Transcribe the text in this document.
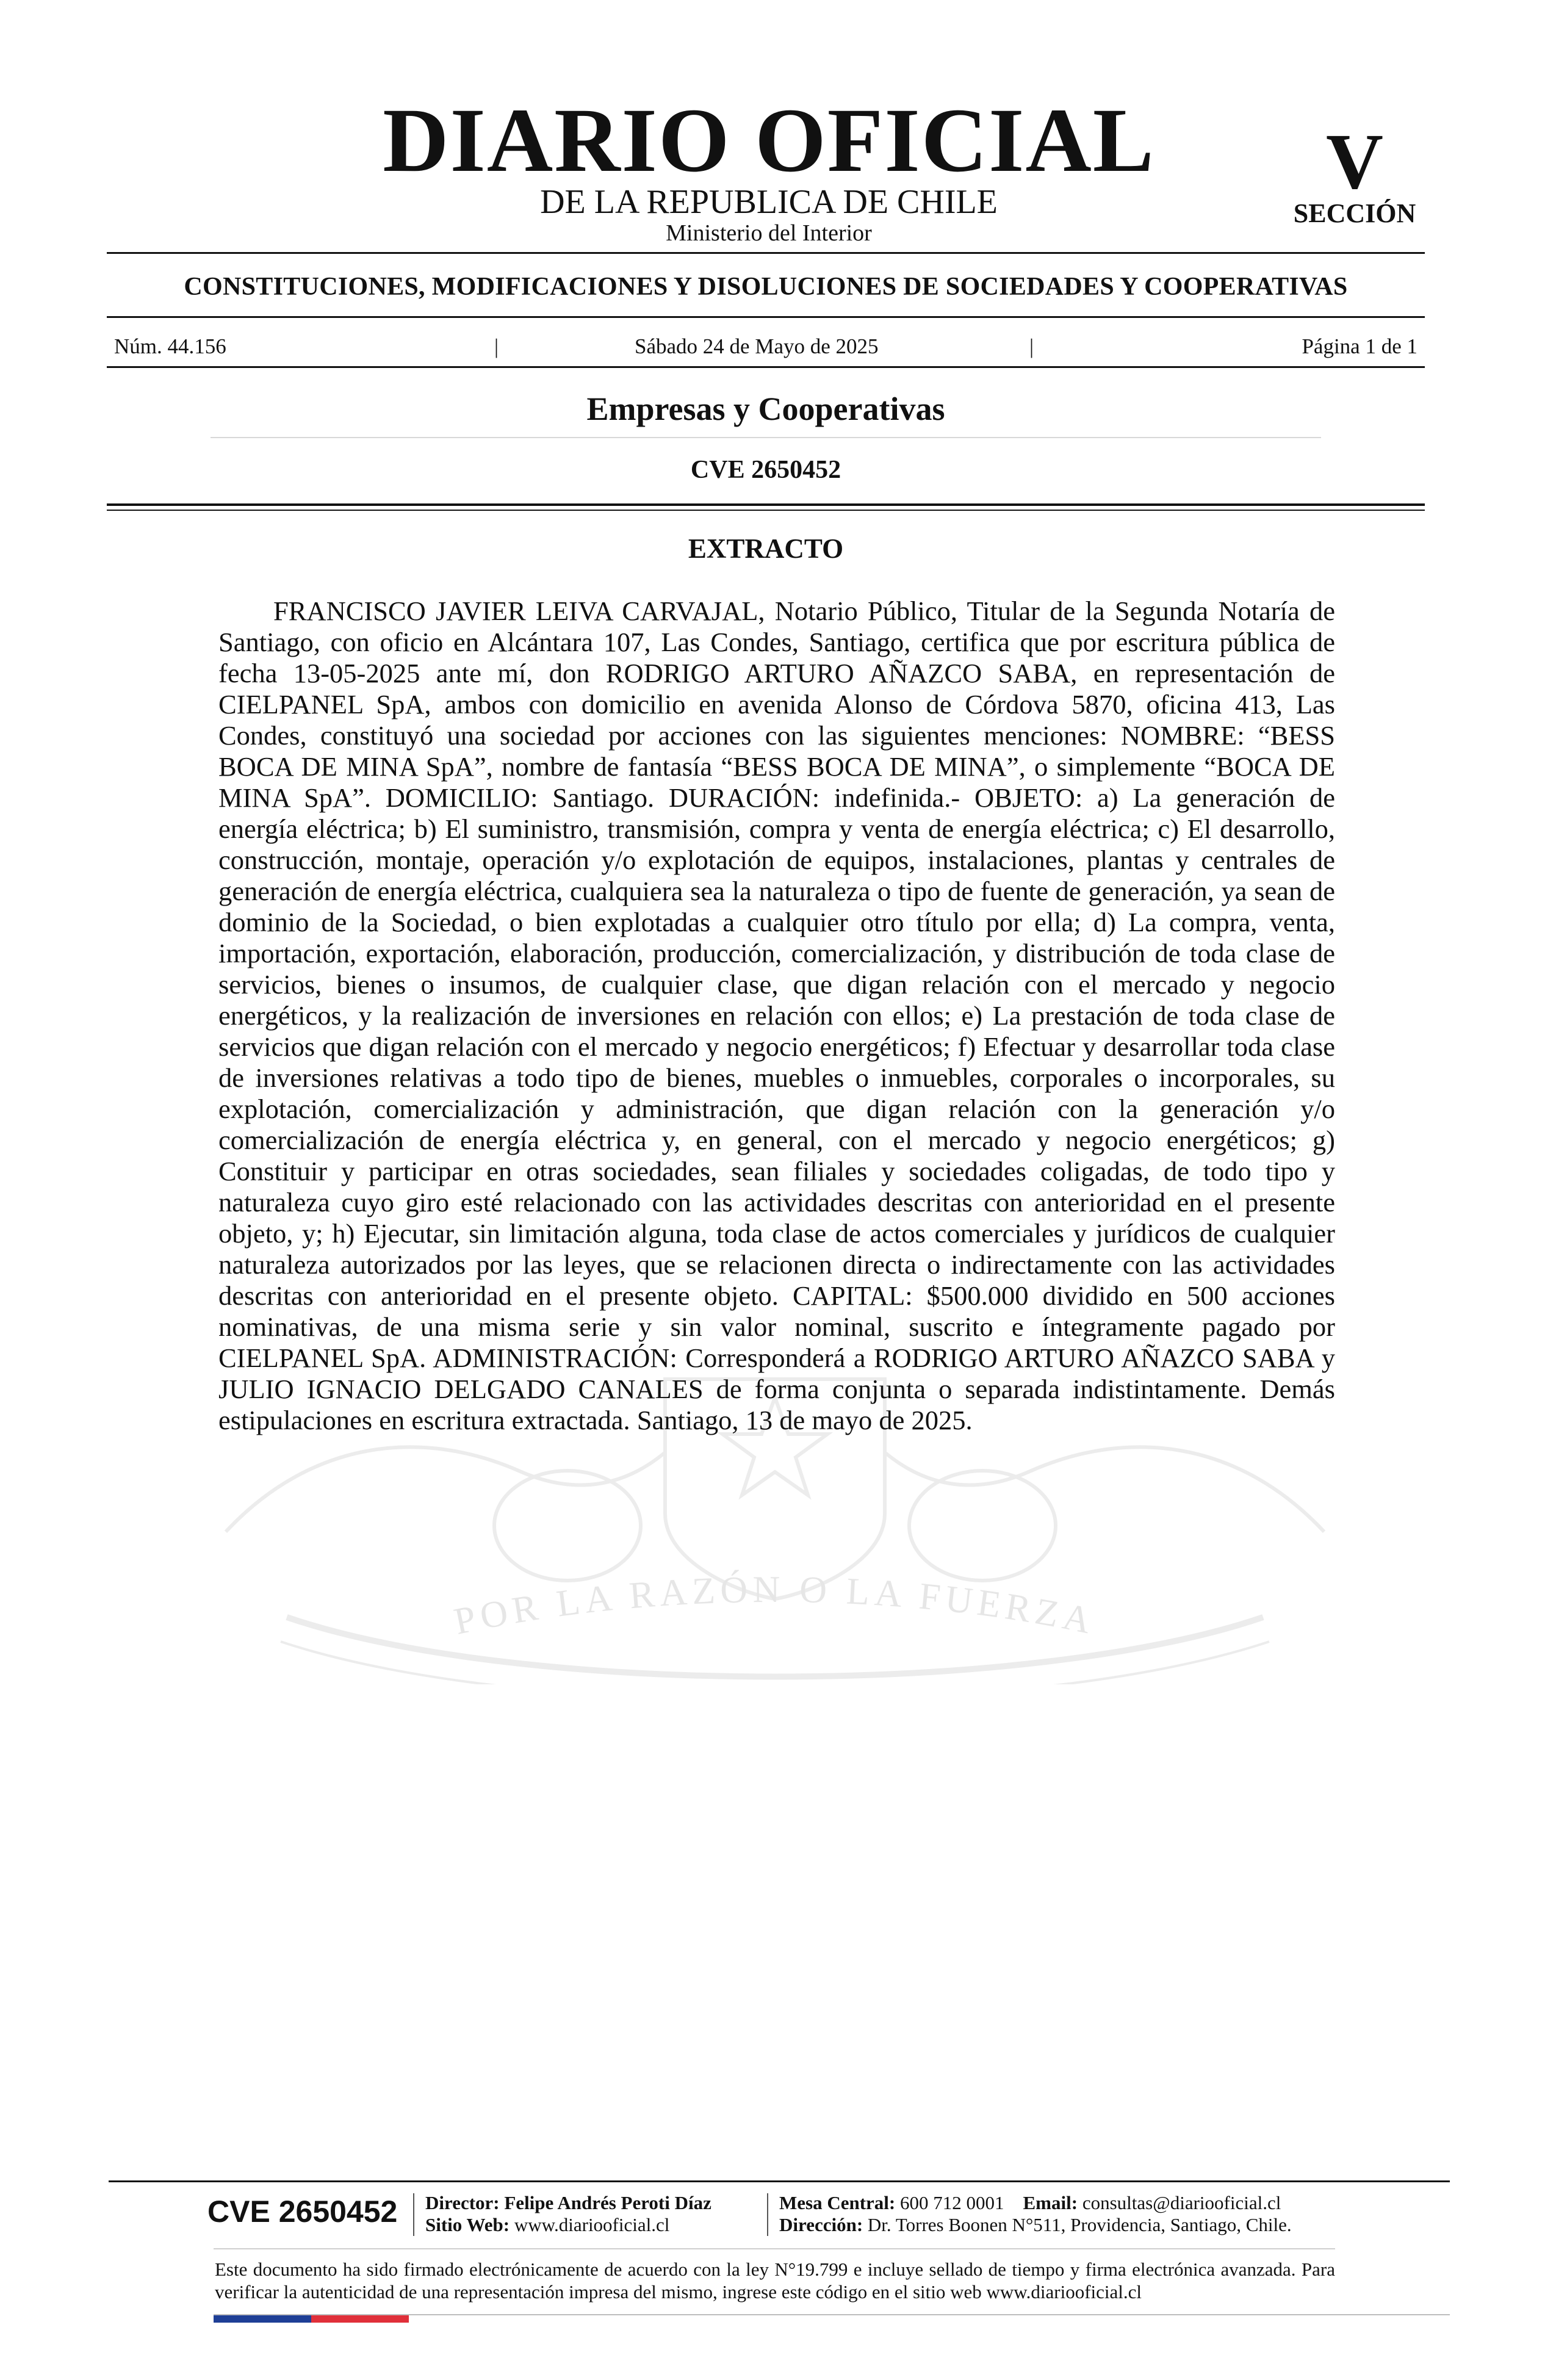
DIARIO OFICIAL
DE LA REPUBLICA DE CHILE
Ministerio del Interior
V
SECCIÓN
CONSTITUCIONES, MODIFICACIONES Y DISOLUCIONES DE SOCIEDADES Y COOPERATIVAS
Núm. 44.156	|	Sábado 24 de Mayo de 2025	|	Página 1 de 1
Empresas y Cooperativas
CVE 2650452
EXTRACTO
POR LA RAZÓN O LA FUERZA
FRANCISCO JAVIER LEIVA CARVAJAL, Notario Público, Titular de la Segunda Notaría de Santiago, con oficio en Alcántara 107, Las Condes, Santiago, certifica que por escritura pública de fecha 13-05-2025 ante mí, don RODRIGO ARTURO AÑAZCO SABA, en representación de CIELPANEL SpA, ambos con domicilio en avenida Alonso de Córdova 5870, oficina 413, Las Condes, constituyó una sociedad por acciones con las siguientes menciones: NOMBRE: “BESS BOCA DE MINA SpA”, nombre de fantasía “BESS BOCA DE MINA”, o simplemente “BOCA DE MINA SpA”. DOMICILIO: Santiago. DURACIÓN: indefinida.- OBJETO: a) La generación de energía eléctrica; b) El suministro, transmisión, compra y venta de energía eléctrica; c) El desarrollo, construcción, montaje, operación y/o explotación de equipos, instalaciones, plantas y centrales de generación de energía eléctrica, cualquiera sea la naturaleza o tipo de fuente de generación, ya sean de dominio de la Sociedad, o bien explotadas a cualquier otro título por ella; d) La compra, venta, importación, exportación, elaboración, producción, comercialización, y distribución de toda clase de servicios, bienes o insumos, de cualquier clase, que digan relación con el mercado y negocio energéticos, y la realización de inversiones en relación con ellos; e) La prestación de toda clase de servicios que digan relación con el mercado y negocio energéticos; f) Efectuar y desarrollar toda clase de inversiones relativas a todo tipo de bienes, muebles o inmuebles, corporales o incorporales, su explotación, comercialización y administración, que digan relación con la generación y/o comercialización de energía eléctrica y, en general, con el mercado y negocio energéticos; g) Constituir y participar en otras sociedades, sean filiales y sociedades coligadas, de todo tipo y naturaleza cuyo giro esté relacionado con las actividades descritas con anterioridad en el presente objeto, y; h) Ejecutar, sin limitación alguna, toda clase de actos comerciales y jurídicos de cualquier naturaleza autorizados por las leyes, que se relacionen directa o indirectamente con las actividades descritas con anterioridad en el presente objeto. CAPITAL: $500.000 dividido en 500 acciones nominativas, de una misma serie y sin valor nominal, suscrito e íntegramente pagado por CIELPANEL SpA. ADMINISTRACIÓN: Corresponderá a RODRIGO ARTURO AÑAZCO SABA y JULIO IGNACIO DELGADO CANALES de forma conjunta o separada indistintamente. Demás estipulaciones en escritura extractada. Santiago, 13 de mayo de 2025.
CVE 2650452 Director: Felipe Andrés Peroti Díaz
Sitio Web: www.diariooficial.cl
Mesa Central: 600 712 0001 Email: consultas@diariooficial.cl
Dirección: Dr. Torres Boonen N°511, Providencia, Santiago, Chile.
Este documento ha sido firmado electrónicamente de acuerdo con la ley N°19.799 e incluye sellado de tiempo y firma electrónica avanzada. Para verificar la autenticidad de una representación impresa del mismo, ingrese este código en el sitio web www.diariooficial.cl
